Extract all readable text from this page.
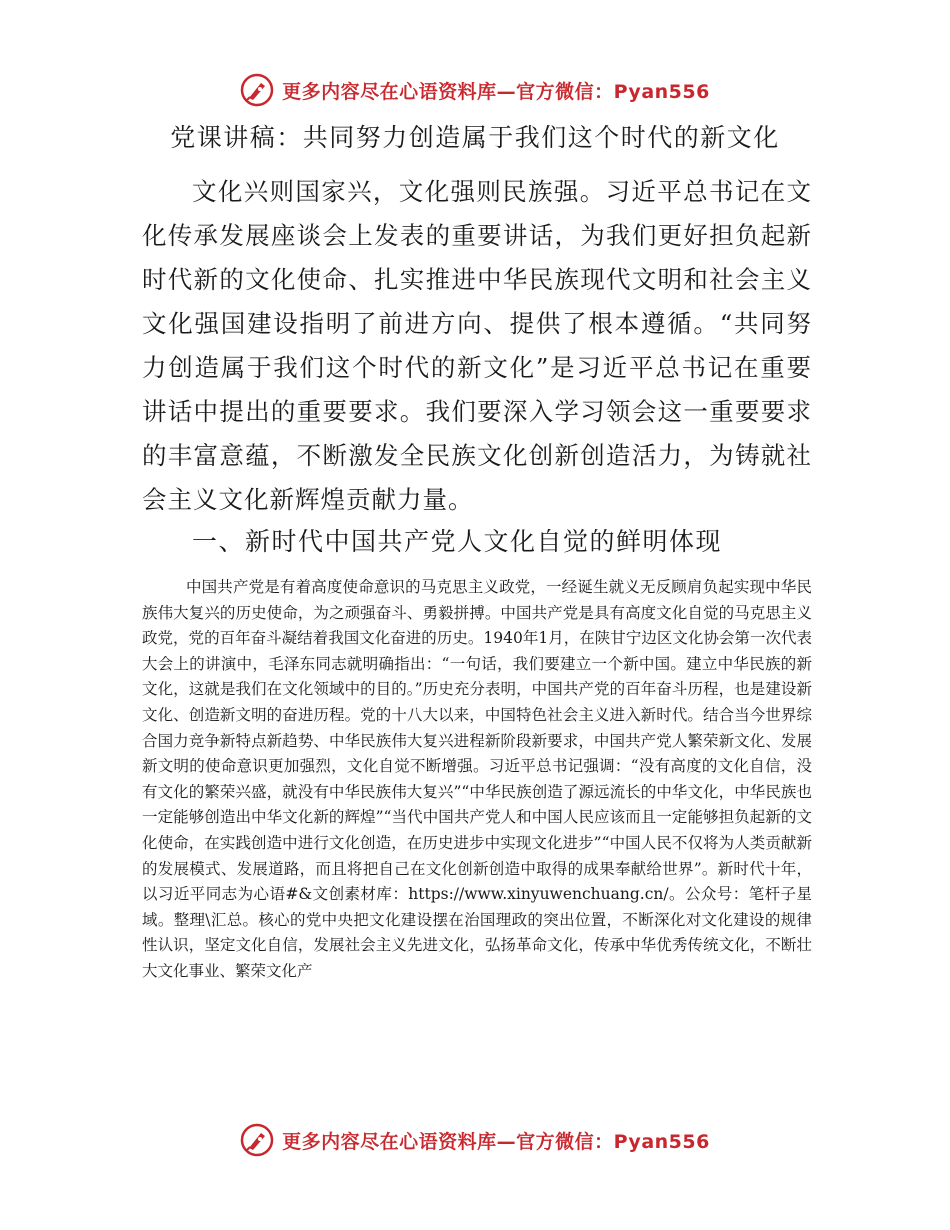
更多内容尽在心语资料库—官方微信：Pyan556
党课讲稿：共同努力创造属于我们这个时代的新文化

文化兴则国家兴，文化强则民族强。习近平总书记在文化传承发展座谈会上发表的重要讲话，为我们更好担负起新时代新的文化使命、扎实推进中华民族现代文明和社会主义文化强国建设指明了前进方向、提供了根本遵循。“共同努力创造属于我们这个时代的新文化”是习近平总书记在重要讲话中提出的重要要求。我们要深入学习领会这一重要要求的丰富意蕴，不断激发全民族文化创新创造活力，为铸就社会主义文化新辉煌贡献力量。

一、新时代中国共产党人文化自觉的鲜明体现

中国共产党是有着高度使命意识的马克思主义政党，一经诞生就义无反顾肩负起实现中华民族伟大复兴的历史使命，为之顽强奋斗、勇毅拼搏。中国共产党是具有高度文化自觉的马克思主义政党，党的百年奋斗凝结着我国文化奋进的历史。1940年1月，在陕甘宁边区文化协会第一次代表大会上的讲演中，毛泽东同志就明确指出：“一句话，我们要建立一个新中国。建立中华民族的新文化，这就是我们在文化领域中的目的。”历史充分表明，中国共产党的百年奋斗历程，也是建设新文化、创造新文明的奋进历程。党的十八大以来，中国特色社会主义进入新时代。结合当今世界综合国力竞争新特点新趋势、中华民族伟大复兴进程新阶段新要求，中国共产党人繁荣新文化、发展新文明的使命意识更加强烈，文化自觉不断增强。习近平总书记强调：“没有高度的文化自信，没有文化的繁荣兴盛，就没有中华民族伟大复兴”“中华民族创造了源远流长的中华文化，中华民族也一定能够创造出中华文化新的辉煌”“当代中国共产党人和中国人民应该而且一定能够担负起新的文化使命，在实践创造中进行文化创造，在历史进步中实现文化进步”“中国人民不仅将为人类贡献新的发展模式、发展道路，而且将把自己在文化创新创造中取得的成果奉献给世界”。新时代十年，以习近平同志为心语#&文创素材库：https://www.xinyuwenchuang.cn/。公众号：笔杆子星域。整理\汇总。核心的党中央把文化建设摆在治国理政的突出位置，不断深化对文化建设的规律性认识，坚定文化自信，发展社会主义先进文化，弘扬革命文化，传承中华优秀传统文化，不断壮大文化事业、繁荣文化产

更多内容尽在心语资料库—官方微信：Pyan556
